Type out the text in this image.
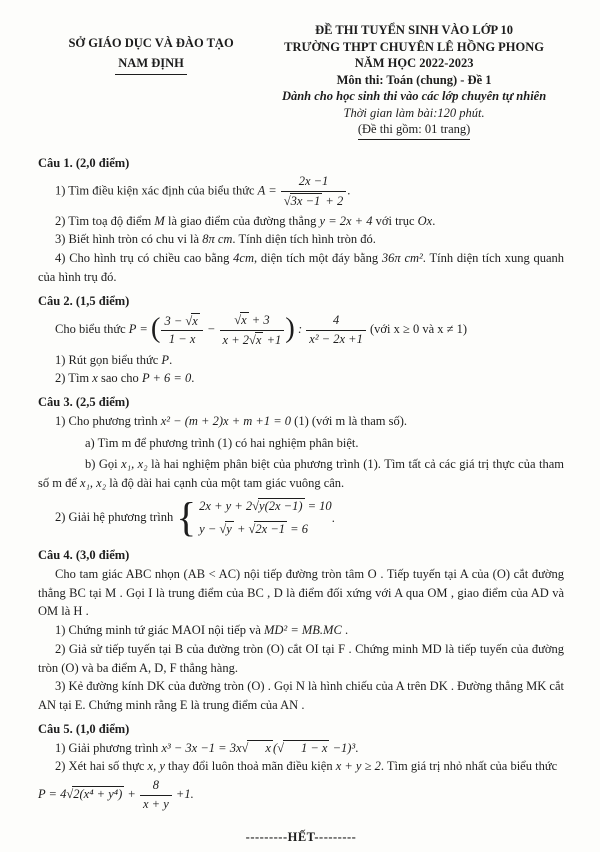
SỞ GIÁO DỤC VÀ ĐÀO TẠO
NAM ĐỊNH
ĐỀ THI TUYỂN SINH VÀO LỚP 10
TRƯỜNG THPT CHUYÊN LÊ HỒNG PHONG
NĂM HỌC 2022-2023
Môn thi: Toán (chung) - Đề 1
Dành cho học sinh thi vào các lớp chuyên tự nhiên
Thời gian làm bài:120 phút.
(Đề thi gồm: 01 trang)

Câu 1. (2,0 điểm)

1) Tìm điều kiện xác định của biểu thức $A = \frac{2x -1}{√3x -1 + 2}$ .

2) Tìm toạ độ điểm M là giao điểm của đường thẳng y = 2x + 4 với trục Ox.

3) Biết hình tròn có chu vi là 8π cm. Tính diện tích hình tròn đó.

4) Cho hình trụ có chiều cao bằng 4cm, diện tích một đáy bằng 36π cm². Tính diện tích xung quanh của hình trụ đó.

Câu 2. (1,5 điểm)

Cho biểu thức P = ( $\frac{3 - √x}{1 - x} - \frac{√x + 3}{x + 2√x +1}$ ) : $\frac{4}{\text{x² − 2x +1}}$ (với x ≥ 0 và x ≠ 1)

1) Rút gọn biểu thức P.

2) Tìm x sao cho P + 6 = 0.

Câu 3. (2,5 điểm)

1) Cho phương trình x² − (m + 2)x + m +1 = 0 (1) (với m là tham số).

a) Tìm m để phương trình (1) có hai nghiệm phân biệt.

b) Gọi x₁, x₂ là hai nghiệm phân biệt của phương trình (1). Tìm tất cả các giá trị thực của tham số m để x₁, x₂ là độ dài hai cạnh của một tam giác vuông cân.

2) Giải hệ phương trình { 2x + y + 2√y(2x −1) = 10
y − √y + √2x −1 = 6
.

Câu 4. (3,0 điểm)

Cho tam giác ABC nhọn (AB < AC) nội tiếp đường tròn tâm O . Tiếp tuyến tại A của (O) cắt đường thẳng BC tại M . Gọi I là trung điểm của BC , D là điểm đối xứng với A qua OM , giao điểm của AD và OM là H .

1) Chứng minh tứ giác MAOI nội tiếp và MD² = MB.MC .

2) Giả sử tiếp tuyến tại B của đường tròn (O) cắt OI tại F . Chứng minh MD là tiếp tuyến của đường tròn (O) và ba điểm A, D, F thẳng hàng.

3) Kẻ đường kính DK của đường tròn (O) . Gọi N là hình chiếu của A trên DK . Đường thẳng MK cắt AN tại E. Chứng minh rằng E là trung điểm của AN .

Câu 5. (1,0 điểm)

1) Giải phương trình x³ − 3x −1 = 3x√ x (√ 1 − x −1)³.

2) Xét hai số thực x, y thay đổi luôn thoả mãn điều kiện x + y ≥ 2. Tìm giá trị nhỏ nhất của biểu thức

$P = 4√2(x^4 + y^4) + \frac{8}{x + y} +1$.

---------HẾT---------
